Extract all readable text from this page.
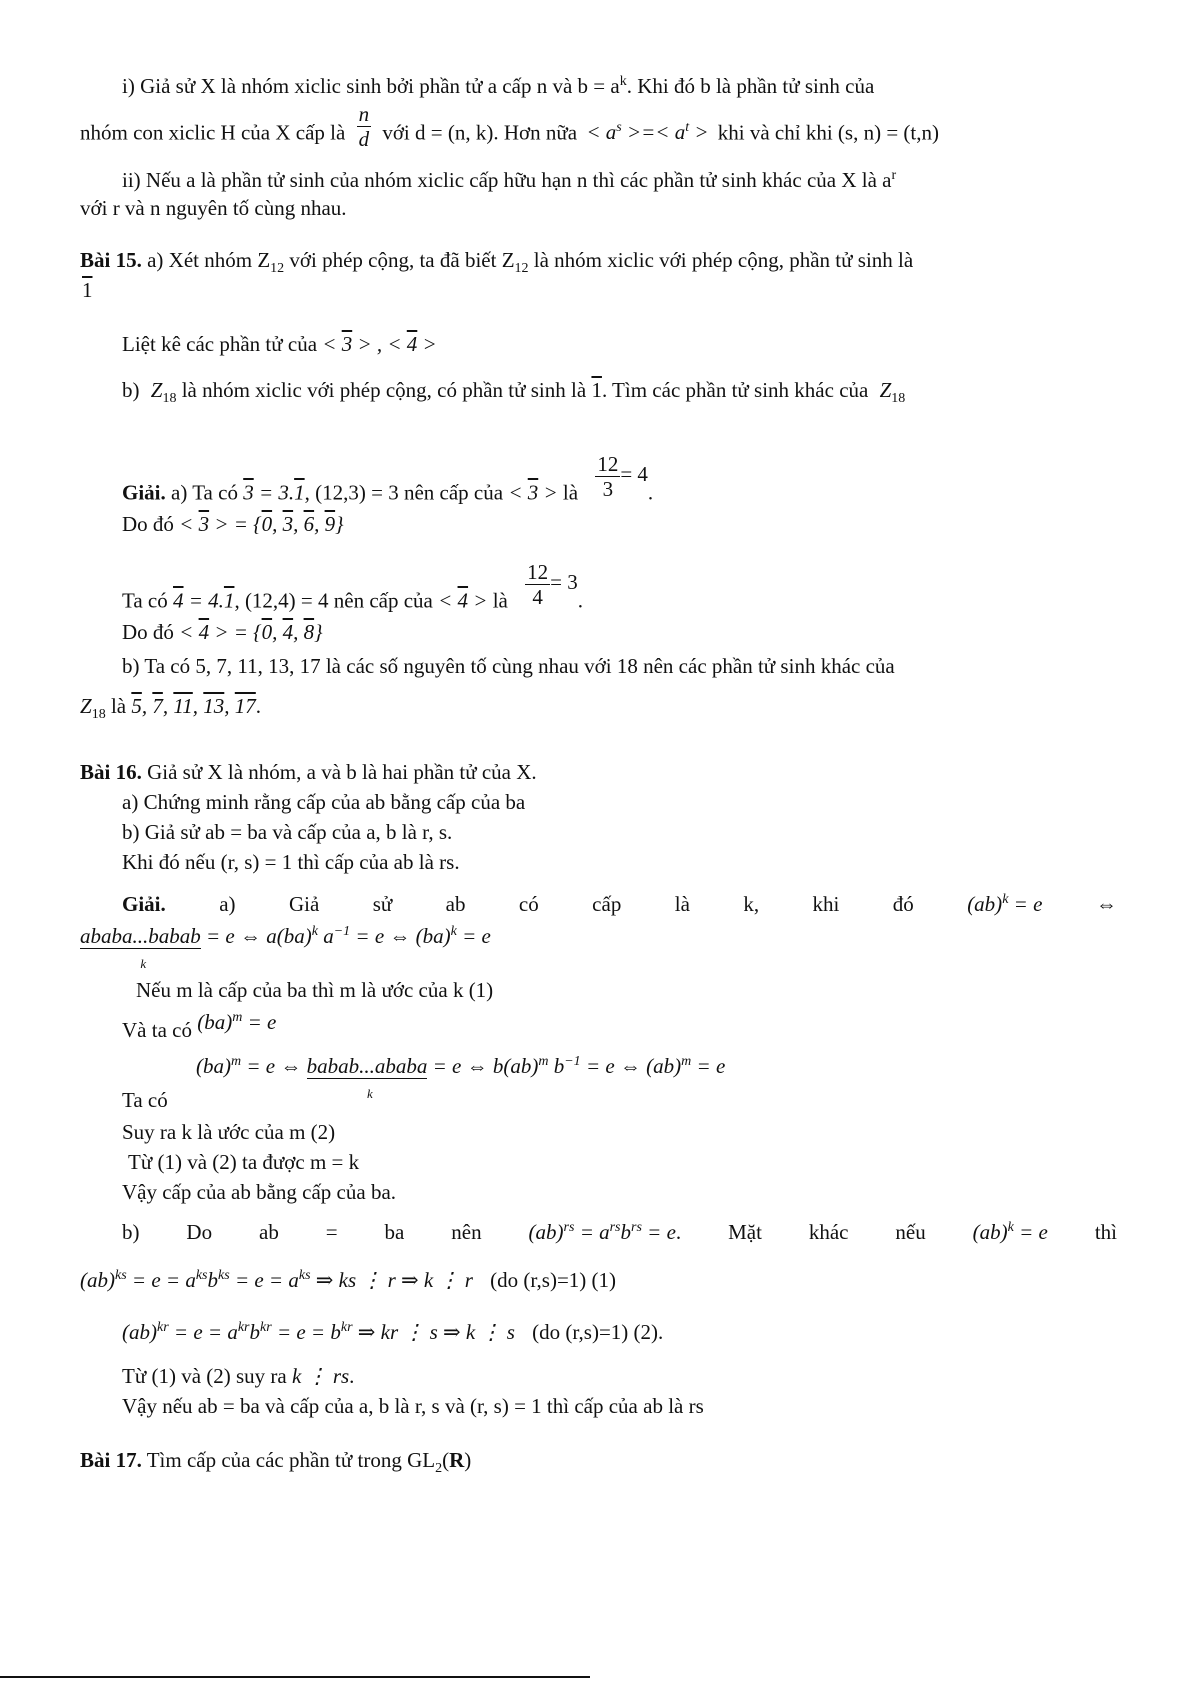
i) Giả sử X là nhóm xiclic sinh bởi phần tử a cấp n và $b = a^k$. Khi đó b là phần tử sinh của
nhóm con xiclic H của X cấp là $\frac{n}{d}$ với d = (n, k). Hơn nữa < $a^s$ >=< $a^t$ > khi và chỉ khi (s, n) = (t,n)
ii) Nếu a là phần tử sinh của nhóm xiclic cấp hữu hạn n thì các phần tử sinh khác của X là $a^r$
với r và n nguyên tố cùng nhau.
Bài 15. a) Xét nhóm $Z_{12}$ với phép cộng, ta đã biết $Z_{12}$ là nhóm xiclic với phép cộng, phần tử sinh là
1
Liệt kê các phần tử của < 3 > , < 4 >
b) $Z_{18}$ là nhóm xiclic với phép cộng, có phần tử sinh là 1. Tìm các phần tử sinh khác của $Z_{18}$
Giải. a) Ta có 3 = 3.1, (12,3) = 3 nên cấp của < 3 > là $\frac{12}{3} = 4$.
Do đó < 3 > = {0, 3, 6, 9}
Ta có 4 = 4.1, (12,4) = 4 nên cấp của < 4 > là $\frac{12}{4} = 3$.
Do đó < 4 > = {0, 4, 8}
b) Ta có 5, 7, 11, 13, 17 là các số nguyên tố cùng nhau với 18 nên các phần tử sinh khác của
$Z_{18}$ là 5, 7, 11, 13, 17.
Bài 16. Giả sử X là nhóm, a và b là hai phần tử của X.
a) Chứng minh rằng cấp của ab bằng cấp của ba
b) Giả sử ab = ba và cấp của a, b là r, s.
Khi đó nếu (r, s) = 1 thì cấp của ab là rs.
Giải.	a)	Giả	sử	ab	có	cấp	là	k,	khi	đó	(ab)$^k$ = e	⇔
ababa...babab
k
= e ⇔ a(ba)$^k$ $a^{-1} = e$ ⇔ (ba)$^k$ = e
Nếu m là cấp của ba thì m là ước của k (1)
Và ta có (ba)$^m$ = e
(ba)$^m$ = e ⇔ babab...ababa
k
= e ⇔ b(ab)$^m$ $b^{-1} = e$ ⇔ (ab)$^m$ = e
Ta có
Suy ra k là ước của m (2)
Từ (1) và (2) ta được m = k
Vậy cấp của ab bằng cấp của ba.
b) Do ab = ba nên $(ab)^{rs} = a^{rs}b^{rs} = e$. Mặt khác nếu (ab)$^k$ = e thì
$(ab)^{ks} = e = a^{ks}b^{ks} = e = a^{ks}$ ⇒ ks ⋮ r ⇒ k ⋮ r (do (r,s)=1) (1)
$(ab)^{kr} = e = a^{kr}b^{kr} = e = b^{kr}$ ⇒ kr ⋮ s ⇒ k ⋮ s (do (r,s)=1) (2).
Từ (1) và (2) suy ra k ⋮ rs.
Vậy nếu ab = ba và cấp của a, b là r, s và (r, s) = 1 thì cấp của ab là rs
Bài 17. Tìm cấp của các phần tử trong $GL_2(R)$
